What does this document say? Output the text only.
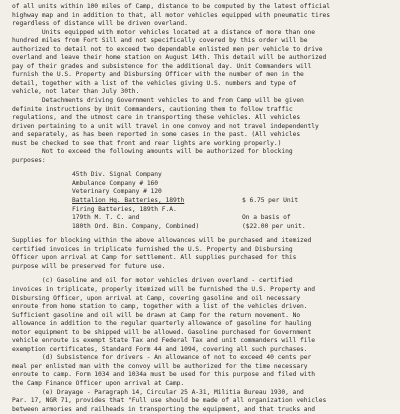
of all units within 100 miles of Camp, distance to be computed by the latest official
highway map and in addition to that, all motor vehicles equipped with pneumatic tires
regardless of distance will be driven overland.
Units equipped with motor vehicles located at a distance of more than one
hundred miles from Fort Sill and not specifically covered by this order will be
authorized to detail not to exceed two dependable enlisted men per vehicle to drive
overland and leave their home station on August 14th. This detail will be authorized
pay of their grades and subsistence for the additional day. Unit Commanders will
furnish the U.S. Property and Disbursing Officer with the number of men in the
detail, together with a list of the vehicles giving U.S. numbers and type of
vehicle, not later than July 30th.
Detachments driving Government vehicles to and from Camp will be given
definite instructions by Unit Commanders, cautioning them to follow traffic
regulations, and the utmost care in transporting these vehicles. All vehicles
driven pertaining to a unit will travel in one convoy and not travel independently
and separately, as has been reported in some cases in the past. (All vehicles
must be checked to see that front and rear lights are working properly.)
Not to exceed the following amounts will be authorized for blocking
purposes:
45th Div. Signal Company
Ambulance Company # 160
Veterinary Company # 120
Battalion Hq. Batteries, 189th	$ 6.75 per Unit
Firing Batteries, 189th F.A.
179th M. T. C. and	On a basis of
180th Ord. Bin. Company, Combined)	($22.00 per unit.
Supplies for blocking within the above allowances will be purchased and itemized
certified invoices in triplicate furnished the U.S. Property and Disbursing
Officer upon arrival at Camp for settlement. All supplies purchased for this
purpose will be preserved for future use.
(c) Gasoline and oil for motor vehicles driven overland - certified
invoices in triplicate, properly itemized will be furnished the U.S. Property and
Disbursing Officer, upon arrival at Camp, covering gasoline and oil necessary
enroute from home station to camp, together with a list of the vehicles driven.
Sufficient gasoline and oil will be drawn at Camp for the return movement. No
allowance in addition to the regular quarterly allowance of gasoline for hauling
motor equipment to be shipped will be allowed. Gasoline purchased for Government
vehicle enroute is exempt State Tax and Federal Tax and unit commanders will file
exemption certificates, Standard Form 44 and 1094, covering all such purchases.
(d) Subsistence for drivers - An allowance of not to exceed 40 cents per
meal per enlisted man with the convoy will be authorized for the time necessary
enroute to camp. Form 1034 and 1034a must be used for this purpose and filed with
the Camp Finance Officer upon arrival at Camp.
(e) Drayage - Paragraph 14, Circular 25 A-31, Militia Bureau 1930, and
Par. 17, NGR 71, provides that "Full use should be made of all organization vehicles
between armories and railheads in transporting the equipment, and that trucks and
